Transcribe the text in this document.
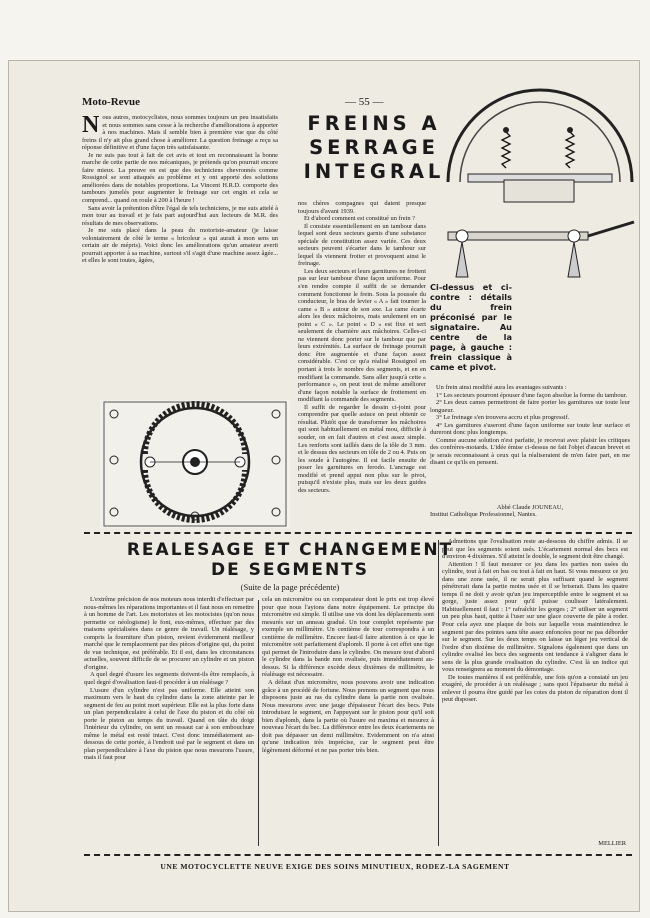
Moto-Revue	— 55 —
FREINS A
SERRAGE
INTEGRAL

Nous autres, motocyclistes, nous sommes toujours un peu insatisfaits et nous sommes sans cesse à la recherche d'améliorations à apporter à nos machines. Mais il semble bien à première vue que du côté freins il n'y ait plus grand chose à améliorer. La question freinage a reçu sa réponse définitive et d'une façon très satisfaisante.

Je ne suis pas tout à fait de cet avis et tout en reconnaissant la bonne marche de cette partie de nos mécaniques, je prétends qu'on pourrait encore faire mieux. La preuve en est que des techniciens chevronnés comme Rossignol se sont attaqués au problème et y ont apporté des solutions améliorées dans de notables proportions. La Vincent H.R.D. comporte des tambours jumelés pour augmenter le freinage sur cet engin et cela se comprend... quand on roule à 200 à l'heure !

Sans avoir la prétention d'être l'égal de tels techniciens, je me suis attelé à mon tour au travail et je fais part aujourd'hui aux lecteurs de M.R. des résultats de mes observations.

Je me suis placé dans la peau du motoriste-amateur (je laisse volontairement de côté le terme « bricoleur » qui aurait à mon sens un certain air de mépris). Voici donc les améliorations qu'un amateur averti pourrait apporter à sa machine, surtout s'il s'agit d'une machine assez âgée... et elles le sont toutes, âgées,

nos chères compagnes qui datent presque toujours d'avant 1939.

Et d'abord comment est constitué un frein ?

Il consiste essentiellement en un tambour dans lequel sont deux secteurs garnis d'une substance spéciale de constitution assez variée. Ces deux secteurs peuvent s'écarter dans le tambour sur lequel ils viennent frotter et provoquent ainsi le freinage.

Les deux secteurs et leurs garnitures ne frottent pas sur leur tambour d'une façon uniforme. Pour s'en rendre compte il suffit de se demander comment fonctionne le frein. Sous la poussée du conducteur, le bras de levier « A » fait tourner la came « B » autour de son axe. La came écarte alors les deux mâchoires, mais seulement en un point « C ». Le point « D » est fixe et sert seulement de charnière aux mâchoires. Celles-ci ne viennent donc porter sur le tambour que par leurs extrémités. La surface de freinage pourrait donc être augmentée et d'une façon assez considérable. C'est ce qu'a réalisé Rossignol en portant à trois le nombre des segments, et en en modifiant la commande. Sans aller jusqu'à cette « performance », on peut tout de même améliorer d'une façon notable la surface de frottement en modifiant la commande des segments.

Il suffit de regarder le dessin ci-joint pour comprendre par quelle astuce on peut obtenir ce résultat. Plutôt que de transformer les mâchoires qui sont habituellement en métal mou, difficile à souder, on en fait d'autres et c'est assez simple. Les renforts sont taillés dans de la tôle de 3 mm. et le dessus des secteurs en tôle de 2 ou 4. Puis on les soude à l'autogène. Il est facile ensuite de poser les garnitures en ferodo. L'ancrage est modifié et prend appui non plus sur le pivot, puisqu'il n'existe plus, mais sur les deux guides des secteurs.

Ci-dessus et ci-contre : détails du frein préconisé par le signataire. Au centre de la page, à gauche : frein classique à came et pivot.

Un frein ainsi modifié aura les avantages suivants :

1° Les secteurs pourront épouser d'une façon absolue la forme du tambour.

2° Les deux cames permettront de faire porter les garnitures sur toute leur longueur.

3° Le freinage s'en trouvera accru et plus progressif.

4° Les garnitures s'useront d'une façon uniforme sur toute leur surface et dureront donc plus longtemps.

Comme aucune solution n'est parfaite, je recevrai avec plaisir les critiques des confrères-motards. L'idée émise ci-dessus ne fait l'objet d'aucun brevet et je serais reconnaissant à ceux qui la réaliseraient de m'en faire part, en me disant ce qu'ils en pensent.

Abbé Claude JOUNEAU,
Institut Catholique Professionnel, Nantes.
REALESAGE ET CHANGEMENT
DE SEGMENTS
(Suite de la page précédente)

L'extrême précision de nos moteurs nous interdit d'effectuer par nous-mêmes les réparations importantes et il faut nous en remettre à un homme de l'art. Les motoristes et les motocistes (qu'on nous permette ce néologisme) le font, eux-mêmes, effectuer par des maisons spécialisées dans ce genre de travail. Un réalésage, y compris la fourniture d'un piston, revient évidemment meilleur marché que le remplacement par des pièces d'origine qui, du point de vue technique, est préférable. Et il est, dans les circonstances actuelles, souvent difficile de se procurer un cylindre et un piston d'origine.

A quel degré d'usure les segments doivent-ils être remplacés, à quel degré d'ovalisation faut-il procéder à un réalésage ?

L'usure d'un cylindre n'est pas uniforme. Elle atteint son maximum vers le haut du cylindre dans la zone atteinte par le segment de feu au point mort supérieur. Elle est la plus forte dans un plan perpendiculaire à celui de l'axe du piston et du côté où porte le piston au temps du travail. Quand on tâte du doigt l'intérieur du cylindre, on sent un ressaut car à son embouchure même le métal est resté intact. C'est donc immédiatement au-dessous de cette portée, à l'endroit usé par le segment et dans un plan perpendiculaire à l'axe du piston que nous mesurons l'usure, mais il faut pour

cela un micromètre ou un comparateur dont le prix est trop élevé pour que nous l'ayions dans notre équipement. Le principe du micromètre est simple. Il utilise une vis dont les déplacements sont mesurés sur un anneau gradué. Un tour complet représente par exemple un millimètre. Un centième de tour correspondra à un centième de millimètre. Encore faut-il faire attention à ce que le micromètre soit parfaitement d'aplomb. Il porte à cet effet une tige qui permet de l'introduire dans le cylindre. On mesure tout d'abord le cylindre dans la bande non ovalisée, puis immédiatement au-dessus. Si la différence excède deux dixièmes de millimètre, le réalésage est nécessaire.

A défaut d'un micromètre, nous pouvons avoir une indication grâce à un procédé de fortune. Nous prenons un segment que nous disposons juste au ras du cylindre dans la partie non ovalisée. Nous mesurons avec une jauge d'épaisseur l'écart des becs. Puis introduisez le segment, en l'appuyant sur le piston pour qu'il soit bien d'aplomb, dans la partie où l'usure est maxima et mesurez à nouveau l'écart du bec. La différence entre les deux écartements ne doit pas dépasser un demi millimètre. Evidemment on n'a ainsi qu'une indication très imprécise, car le segment peut être légèrement déformé et ne pas porter très bien.

Admettons que l'ovalisation reste au-dessous du chiffre admis. Il se peut que les segments soient usés. L'écartement normal des becs est d'environ 4 dixièmes. S'il atteint le double, le segment doit être changé.

Attention ! Il faut mesurer ce jeu dans les parties non usées du cylindre, tout à fait en bas ou tout à fait en haut. Si vous mesurez ce jeu dans une zone usée, il ne serait plus suffisant quand le segment pénétrerait dans la partie moins usée et il se briserait. Dans les quatre temps il ne doit y avoir qu'un jeu imperceptible entre le segment et sa gorge, juste assez pour qu'il puisse coulisser latéralement. Habituellement il faut : 1° rafraîchir les gorges ; 2° utiliser un segment un peu plus haut, quitte à l'user sur une glace couverte de pâte à roder. Pour cela ayez une plaque de bois sur laquelle vous maintiendrez le segment par des pointes sans tête assez enfoncées pour ne pas déborder sur le segment. Sur les deux temps on laisse un léger jeu vertical de l'ordre d'un dixième de millimètre. Signalons également que dans un cylindre ovalisé les becs des segments ont tendance à s'aligner dans le sens de la plus grande ovalisation du cylindre. C'est là un indice qui vous renseignera au moment du démontage.

De toutes manières il est préférable, une fois qu'on a constaté un jeu exagéré, de procéder à un réalésage ; sans quoi l'épaisseur du métal à enlever il pourra être guidé par les cotes du piston de réparation dont il peut disposer.

MELLIER
UNE MOTOCYCLETTE NEUVE EXIGE DES SOINS MINUTIEUX, RODEZ-LA SAGEMENT
